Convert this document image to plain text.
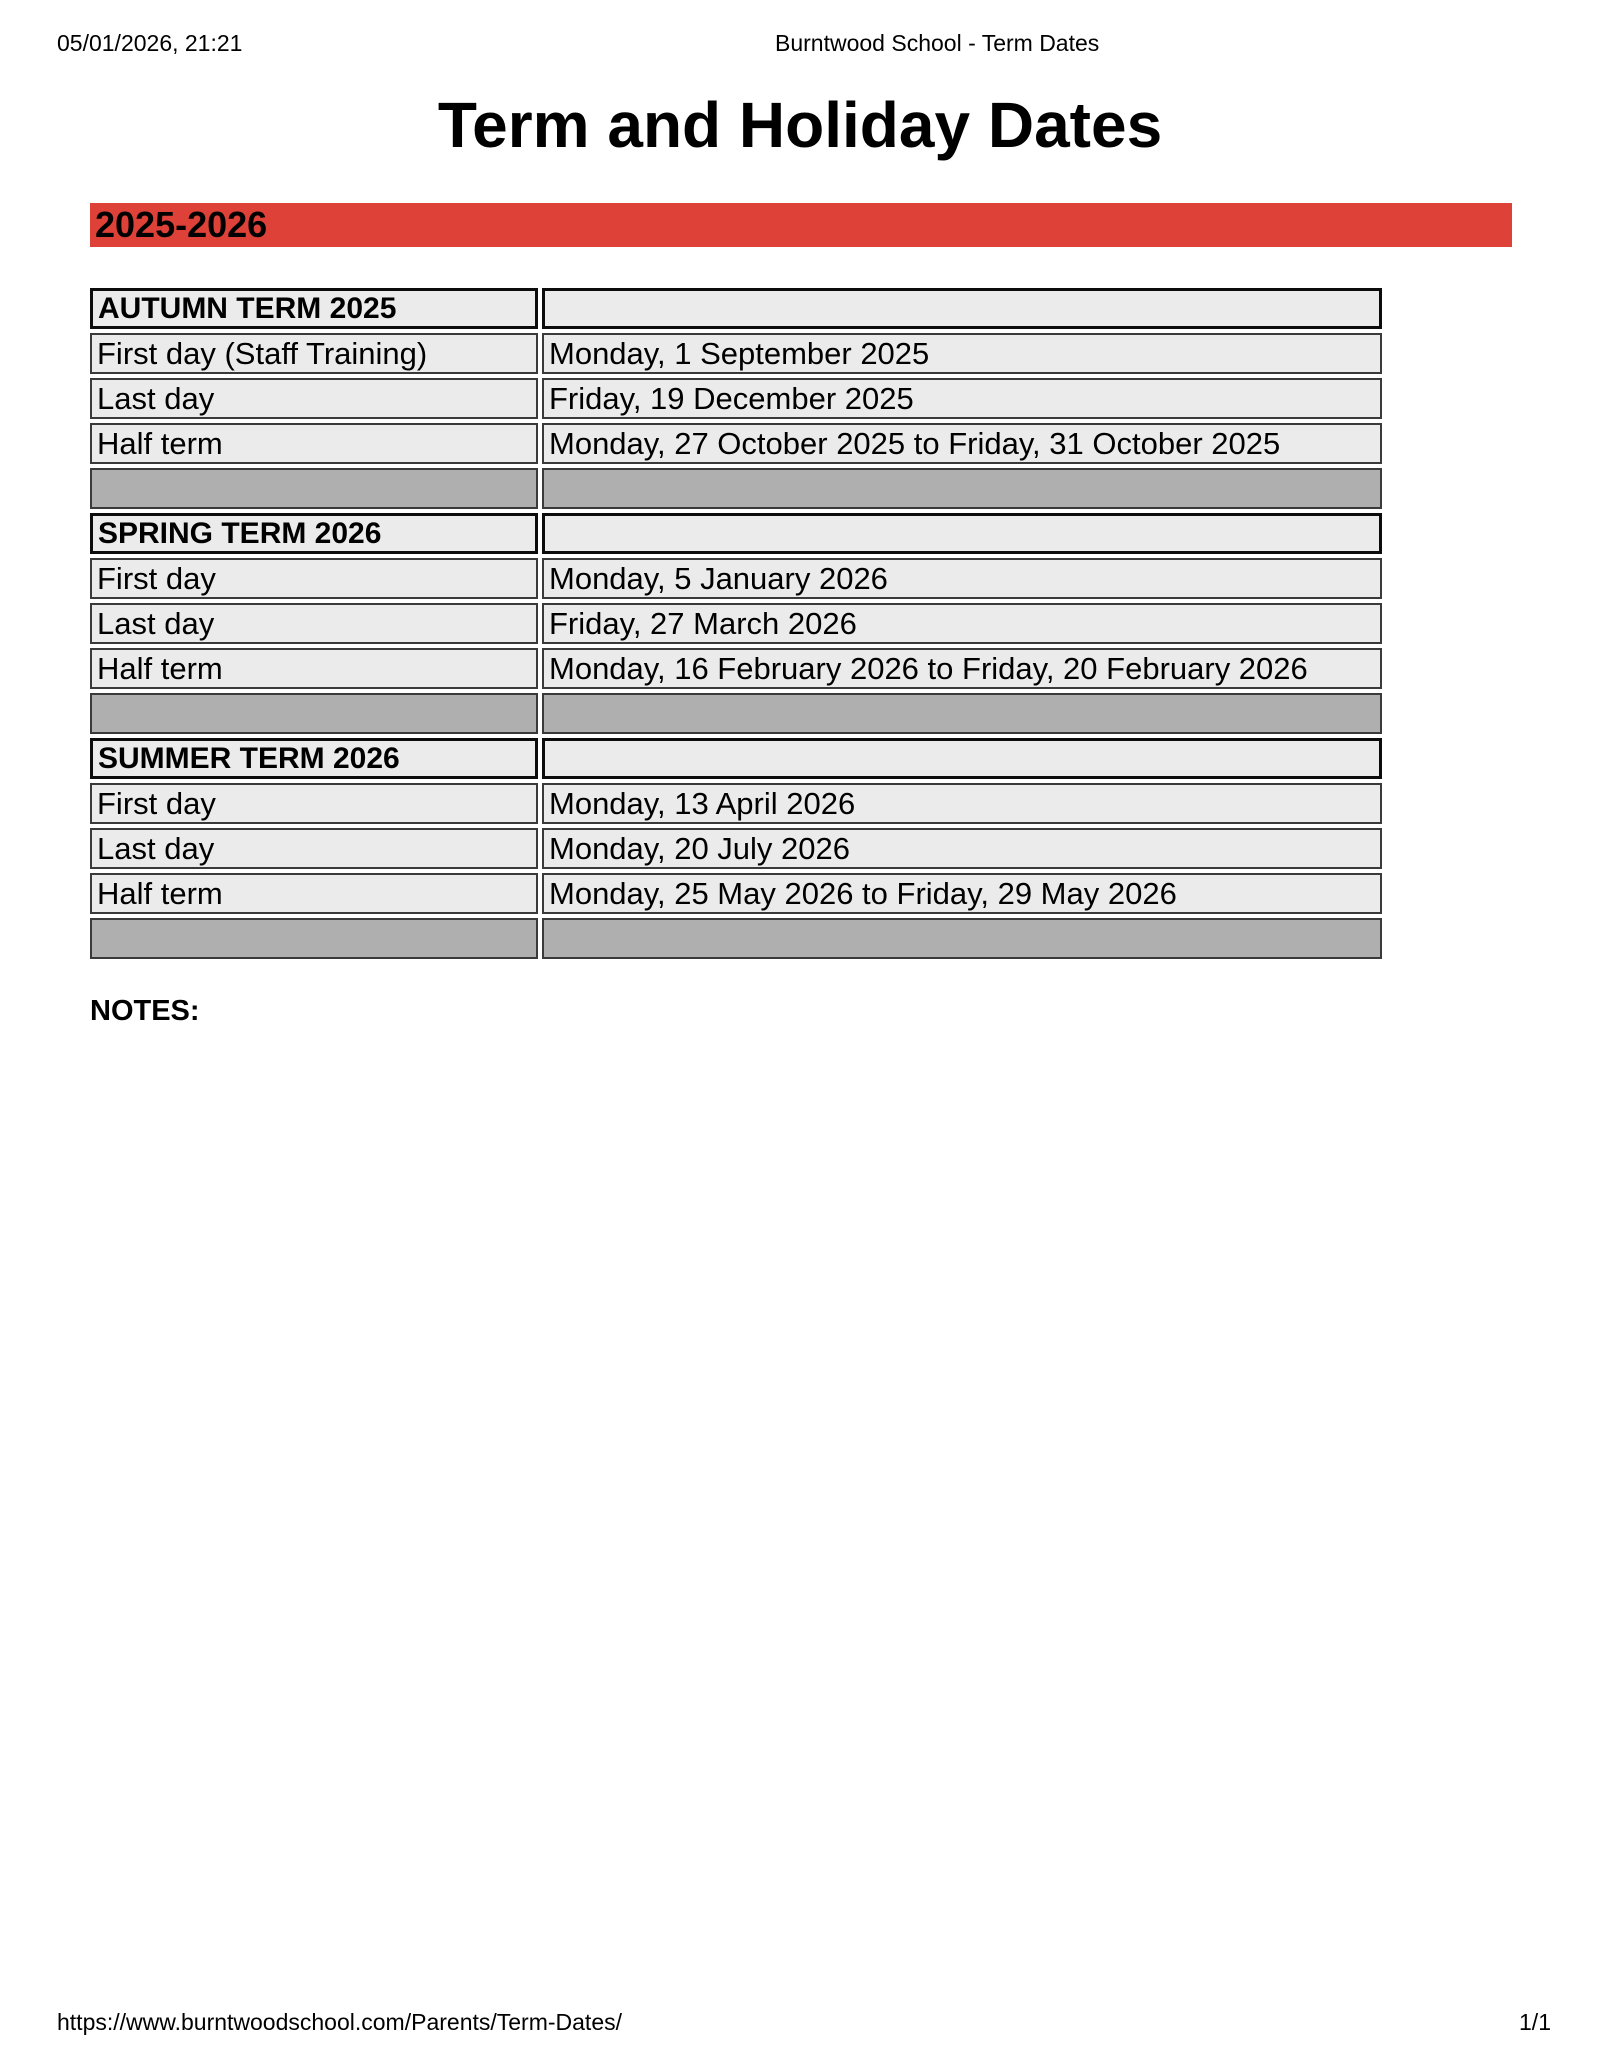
05/01/2026, 21:21	Burntwood School - Term Dates
Term and Holiday Dates
2025-2026
AUTUMN TERM 2025	
First day (Staff Training)	Monday, 1 September 2025
Last day	Friday, 19 December 2025
Half term	Monday, 27 October 2025 to Friday, 31 October 2025

SPRING TERM 2026	
First day	Monday, 5 January 2026
Last day	Friday, 27 March 2026
Half term	Monday, 16 February 2026 to Friday, 20 February 2026

SUMMER TERM 2026	
First day	Monday, 13 April 2026
Last day	Monday, 20 July 2026
Half term	Monday, 25 May 2026 to Friday, 29 May 2026

NOTES:
https://www.burntwoodschool.com/Parents/Term-Dates/	1/1
